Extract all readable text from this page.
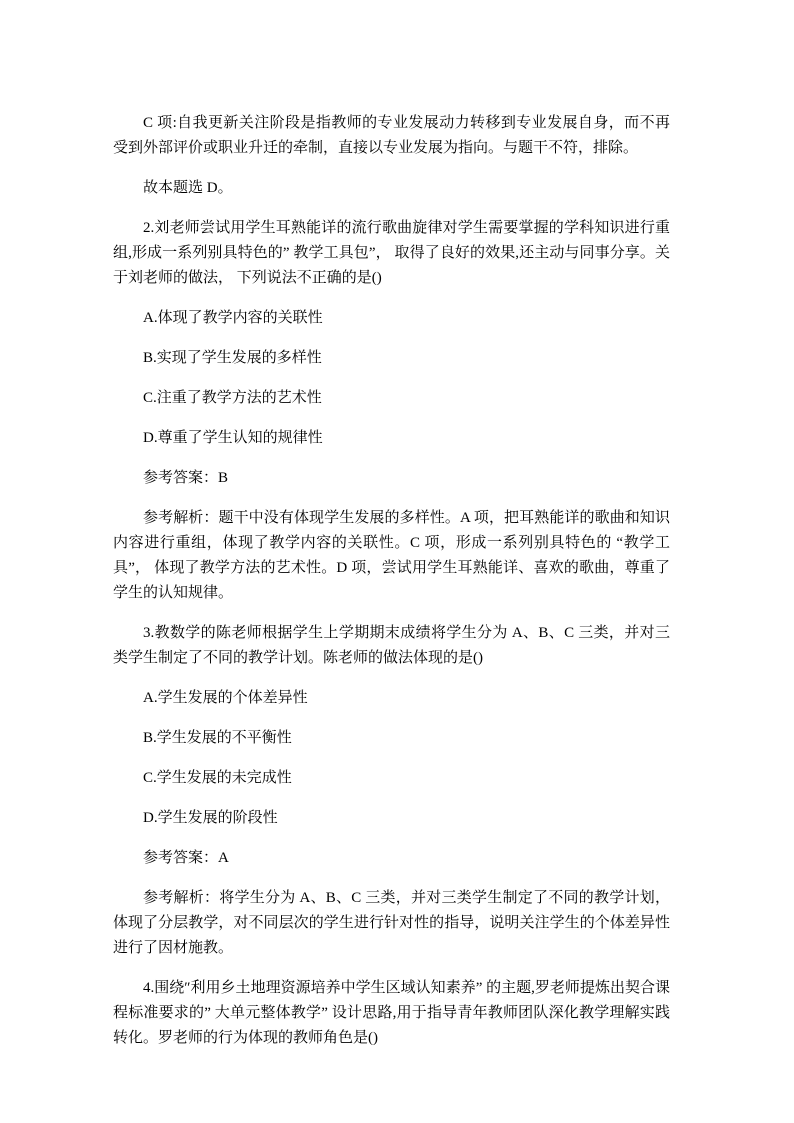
C 项:自我更新关注阶段是指教师的专业发展动力转移到专业发展自身，而不再受到外部评价或职业升迁的牵制，直接以专业发展为指向。与题干不符，排除。

故本题选 D。

2.刘老师尝试用学生耳熟能详的流行歌曲旋律对学生需要掌握的学科知识进行重组,形成一系列别具特色的” 教学工具包”， 取得了良好的效果,还主动与同事分享。关于刘老师的做法， 下列说法不正确的是()

A.体现了教学内容的关联性

B.实现了学生发展的多样性

C.注重了教学方法的艺术性

D.尊重了学生认知的规律性

参考答案：B

参考解析：题干中没有体现学生发展的多样性。A 项，把耳熟能详的歌曲和知识内容进行重组，体现了教学内容的关联性。C 项，形成一系列别具特色的 “教学工具”， 体现了教学方法的艺术性。D 项，尝试用学生耳熟能详、喜欢的歌曲，尊重了学生的认知规律。

3.教数学的陈老师根据学生上学期期末成绩将学生分为 A、B、C 三类，并对三类学生制定了不同的教学计划。陈老师的做法体现的是()

A.学生发展的个体差异性

B.学生发展的不平衡性

C.学生发展的未完成性

D.学生发展的阶段性

参考答案：A

参考解析：将学生分为 A、B、C 三类，并对三类学生制定了不同的教学计划，体现了分层教学，对不同层次的学生进行针对性的指导，说明关注学生的个体差异性进行了因材施教。

4.围绕″利用乡土地理资源培养中学生区域认知素养” 的主题,罗老师提炼出契合课程标准要求的” 大单元整体教学” 设计思路,用于指导青年教师团队深化教学理解实践转化。罗老师的行为体现的教师角色是()
